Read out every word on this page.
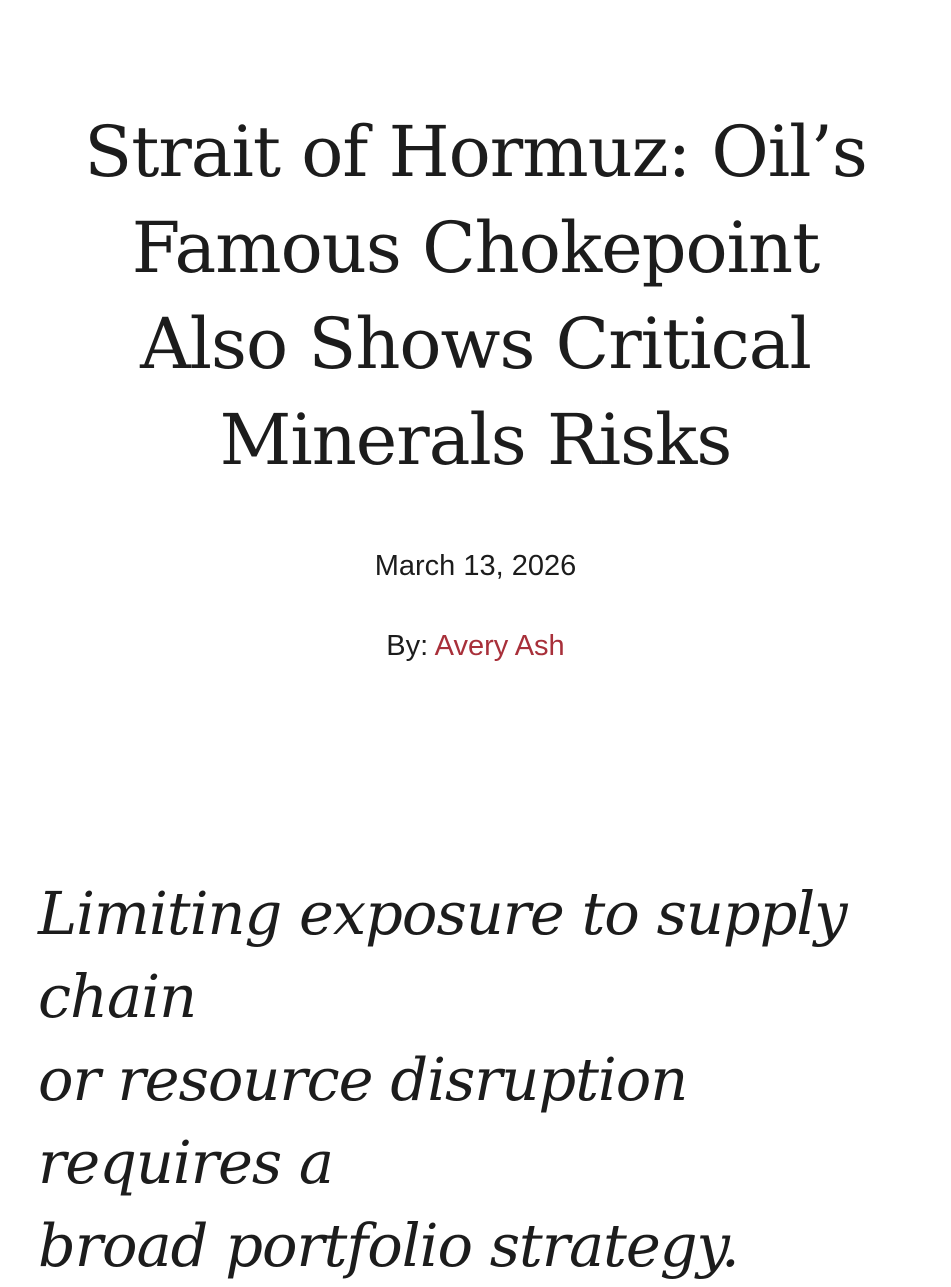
Strait of Hormuz: Oil’s
Famous Chokepoint
Also Shows Critical
Minerals Risks
March 13, 2026
By: Avery Ash

Limiting exposure to supply chain
or resource disruption requires a
broad portfolio strategy.
